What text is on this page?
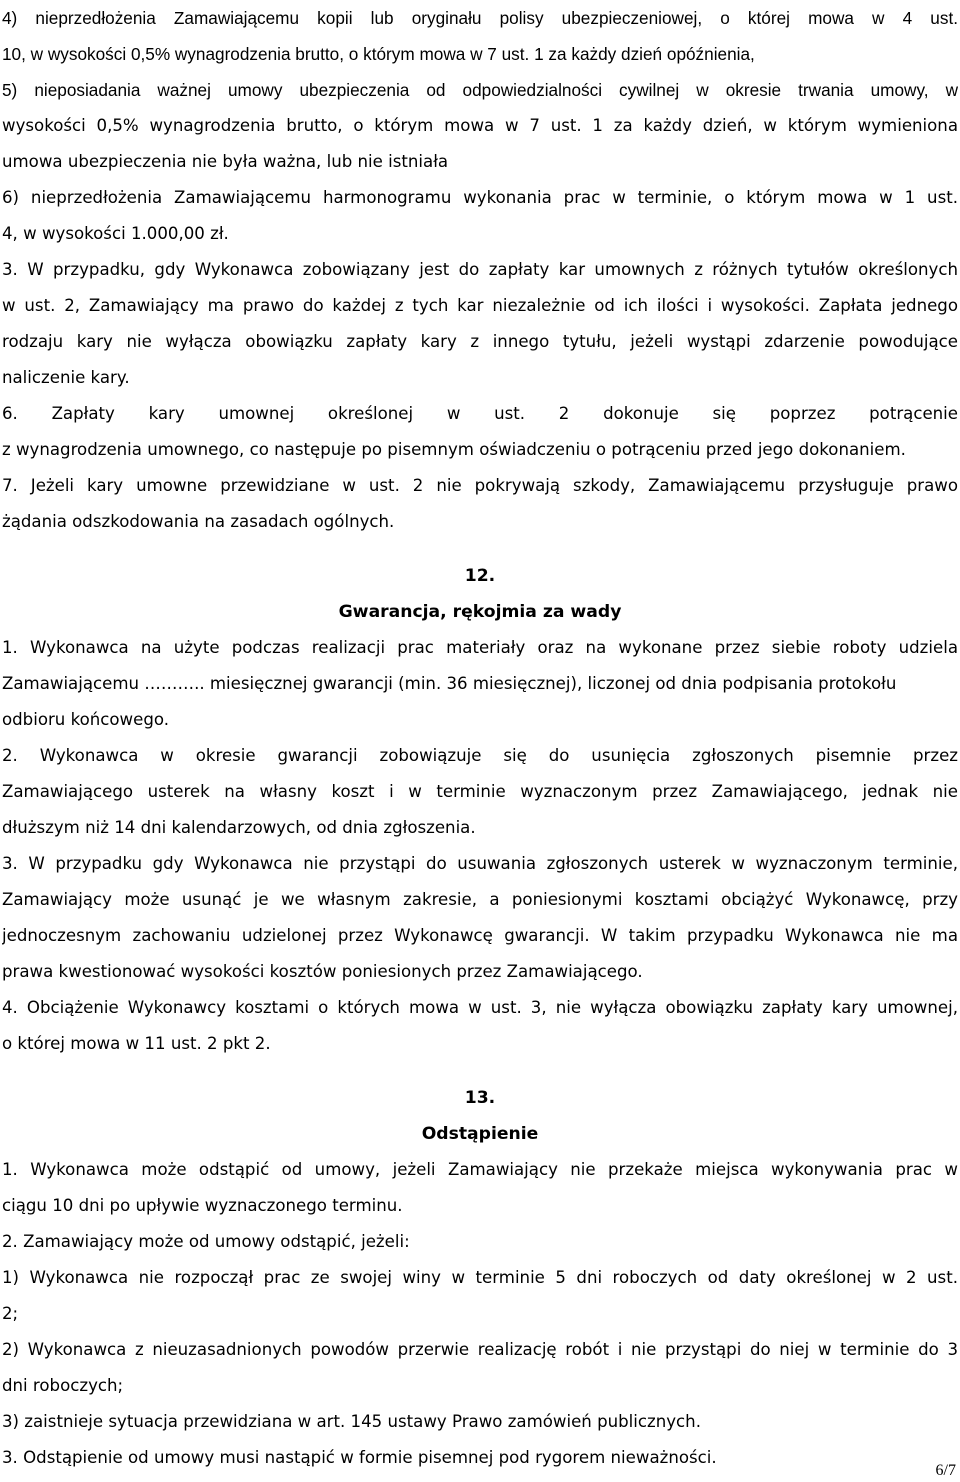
4) nieprzedłożenia Zamawiającemu kopii lub oryginału polisy ubezpieczeniowej, o której mowa w 4 ust.
10, w wysokości 0,5% wynagrodzenia brutto, o którym mowa w 7 ust. 1 za każdy dzień opóźnienia,
5) nieposiadania ważnej umowy ubezpieczenia od odpowiedzialności cywilnej w okresie trwania umowy, w
wysokości 0,5% wynagrodzenia brutto, o którym mowa w 7 ust. 1 za każdy dzień, w którym wymieniona
umowa ubezpieczenia nie była ważna, lub nie istniała
6) nieprzedłożenia Zamawiającemu harmonogramu wykonania prac w terminie, o którym mowa w 1 ust.
4, w wysokości 1.000,00 zł.
3. W przypadku, gdy Wykonawca zobowiązany jest do zapłaty kar umownych z różnych tytułów określonych
w ust. 2, Zamawiający ma prawo do każdej z tych kar niezależnie od ich ilości i wysokości. Zapłata jednego
rodzaju kary nie wyłącza obowiązku zapłaty kary z innego tytułu, jeżeli wystąpi zdarzenie powodujące
naliczenie kary.
6. Zapłaty kary umownej określonej w ust. 2 dokonuje się poprzez potrącenie
z wynagrodzenia umownego, co następuje po pisemnym oświadczeniu o potrąceniu przed jego dokonaniem.
7. Jeżeli kary umowne przewidziane w ust. 2 nie pokrywają szkody, Zamawiającemu przysługuje prawo
żądania odszkodowania na zasadach ogólnych.
12.
Gwarancja, rękojmia za wady
1. Wykonawca na użyte podczas realizacji prac materiały oraz na wykonane przez siebie roboty udziela
Zamawiającemu ……….. miesięcznej gwarancji (min. 36 miesięcznej), liczonej od dnia podpisania protokołu
odbioru końcowego.
2. Wykonawca w okresie gwarancji zobowiązuje się do usunięcia zgłoszonych pisemnie przez
Zamawiającego usterek na własny koszt i w terminie wyznaczonym przez Zamawiającego, jednak nie
dłuższym niż 14 dni kalendarzowych, od dnia zgłoszenia.
3. W przypadku gdy Wykonawca nie przystąpi do usuwania zgłoszonych usterek w wyznaczonym terminie,
Zamawiający może usunąć je we własnym zakresie, a poniesionymi kosztami obciążyć Wykonawcę, przy
jednoczesnym zachowaniu udzielonej przez Wykonawcę gwarancji. W takim przypadku Wykonawca nie ma
prawa kwestionować wysokości kosztów poniesionych przez Zamawiającego.
4. Obciążenie Wykonawcy kosztami o których mowa w ust. 3, nie wyłącza obowiązku zapłaty kary umownej,
o której mowa w 11 ust. 2 pkt 2.
13.
Odstąpienie
1. Wykonawca może odstąpić od umowy, jeżeli Zamawiający nie przekaże miejsca wykonywania prac w
ciągu 10 dni po upływie wyznaczonego terminu.
2. Zamawiający może od umowy odstąpić, jeżeli:
1) Wykonawca nie rozpoczął prac ze swojej winy w terminie 5 dni roboczych od daty określonej w 2 ust.
2;
2) Wykonawca z nieuzasadnionych powodów przerwie realizację robót i nie przystąpi do niej w terminie do 3
dni roboczych;
3) zaistnieje sytuacja przewidziana w art. 145 ustawy Prawo zamówień publicznych.
3. Odstąpienie od umowy musi nastąpić w formie pisemnej pod rygorem nieważności.
6/7
